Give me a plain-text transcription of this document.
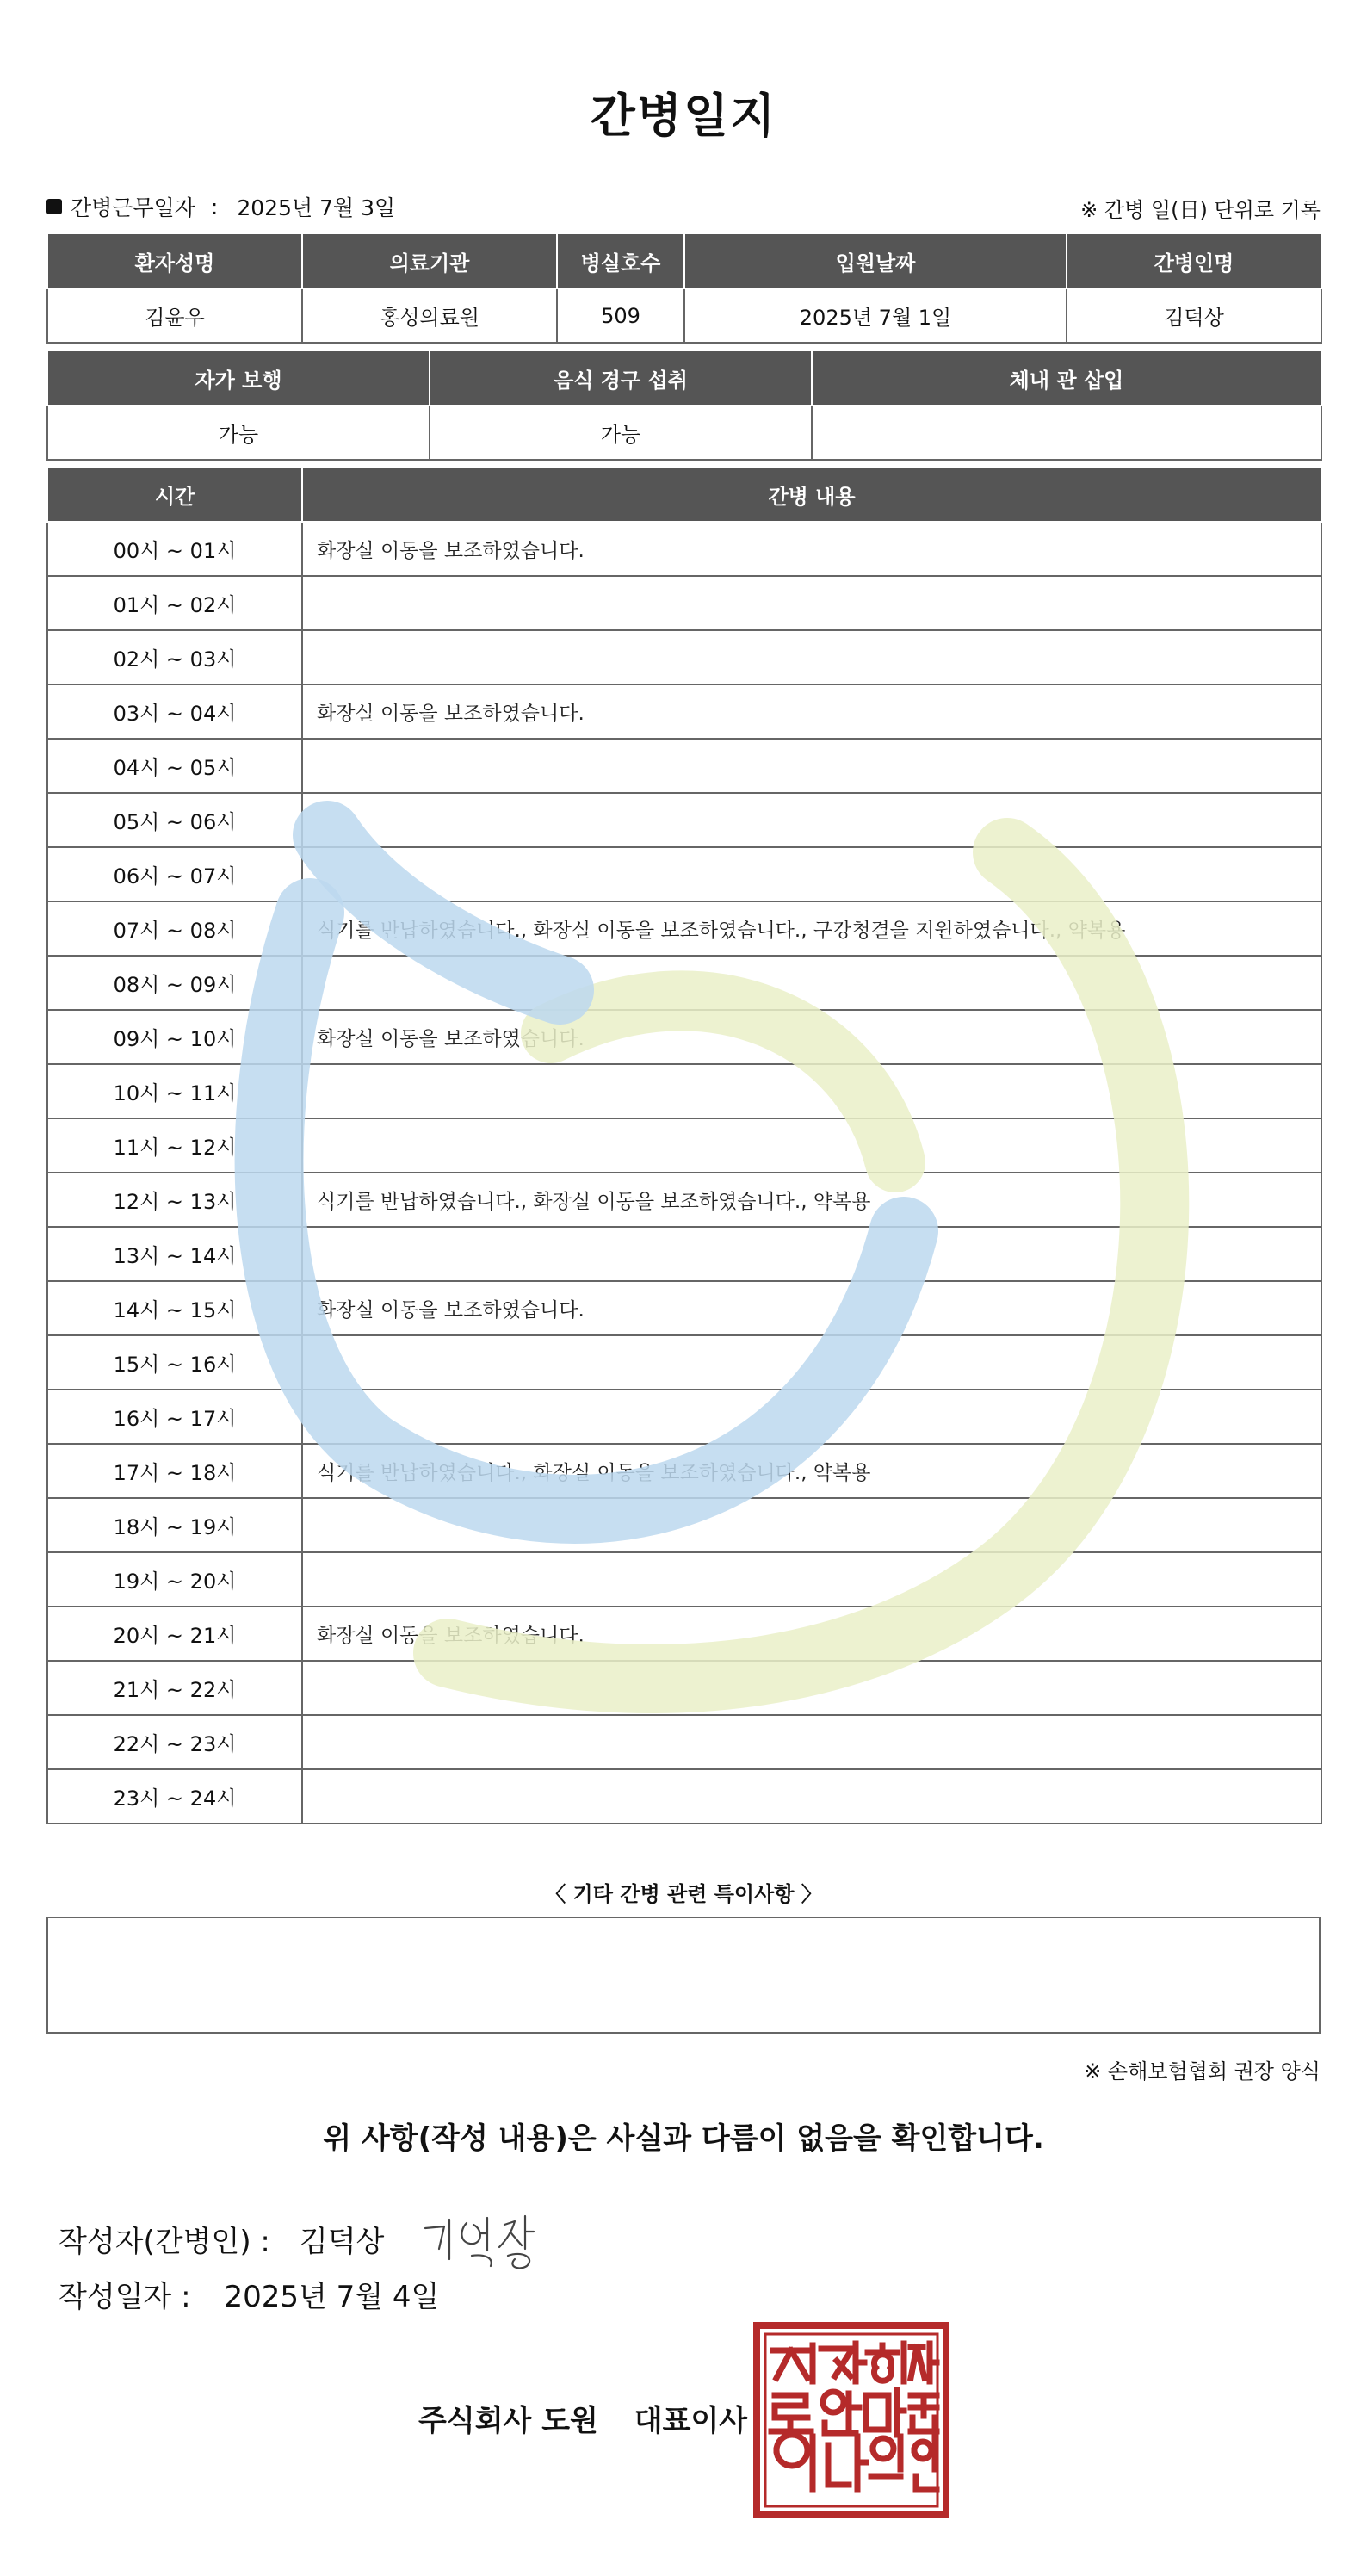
간병일지
간병근무일자 : 2025년 7월 3일	※ 간병 일(日) 단위로 기록
환자성명	의료기관	병실호수	입원날짜	간병인명
김윤우	홍성의료원	509	2025년 7월 1일	김덕상
자가 보행	음식 경구 섭취	체내 관 삽입
가능	가능	
시간	간병 내용
00시 ~ 01시	화장실 이동을 보조하였습니다.
01시 ~ 02시	
02시 ~ 03시	
03시 ~ 04시	화장실 이동을 보조하였습니다.
04시 ~ 05시	
05시 ~ 06시	
06시 ~ 07시	
07시 ~ 08시	식기를 반납하였습니다., 화장실 이동을 보조하였습니다., 구강청결을 지원하였습니다., 약복용
08시 ~ 09시	
09시 ~ 10시	화장실 이동을 보조하였습니다.
10시 ~ 11시	
11시 ~ 12시	
12시 ~ 13시	식기를 반납하였습니다., 화장실 이동을 보조하였습니다., 약복용
13시 ~ 14시	
14시 ~ 15시	화장실 이동을 보조하였습니다.
15시 ~ 16시	
16시 ~ 17시	
17시 ~ 18시	식기를 반납하였습니다., 화장실 이동을 보조하였습니다., 약복용
18시 ~ 19시	
19시 ~ 20시	
20시 ~ 21시	화장실 이동을 보조하였습니다.
21시 ~ 22시	
22시 ~ 23시	
23시 ~ 24시	
〈 기타 간병 관련 특이사항 〉
※ 손해보험협회 권장 양식
위 사항(작성 내용)은 사실과 다름이 없음을 확인합니다.
작성자(간병인) : 김덕상
작성일자 : 2025년 7월 4일
주식회사 도원 대표이사
